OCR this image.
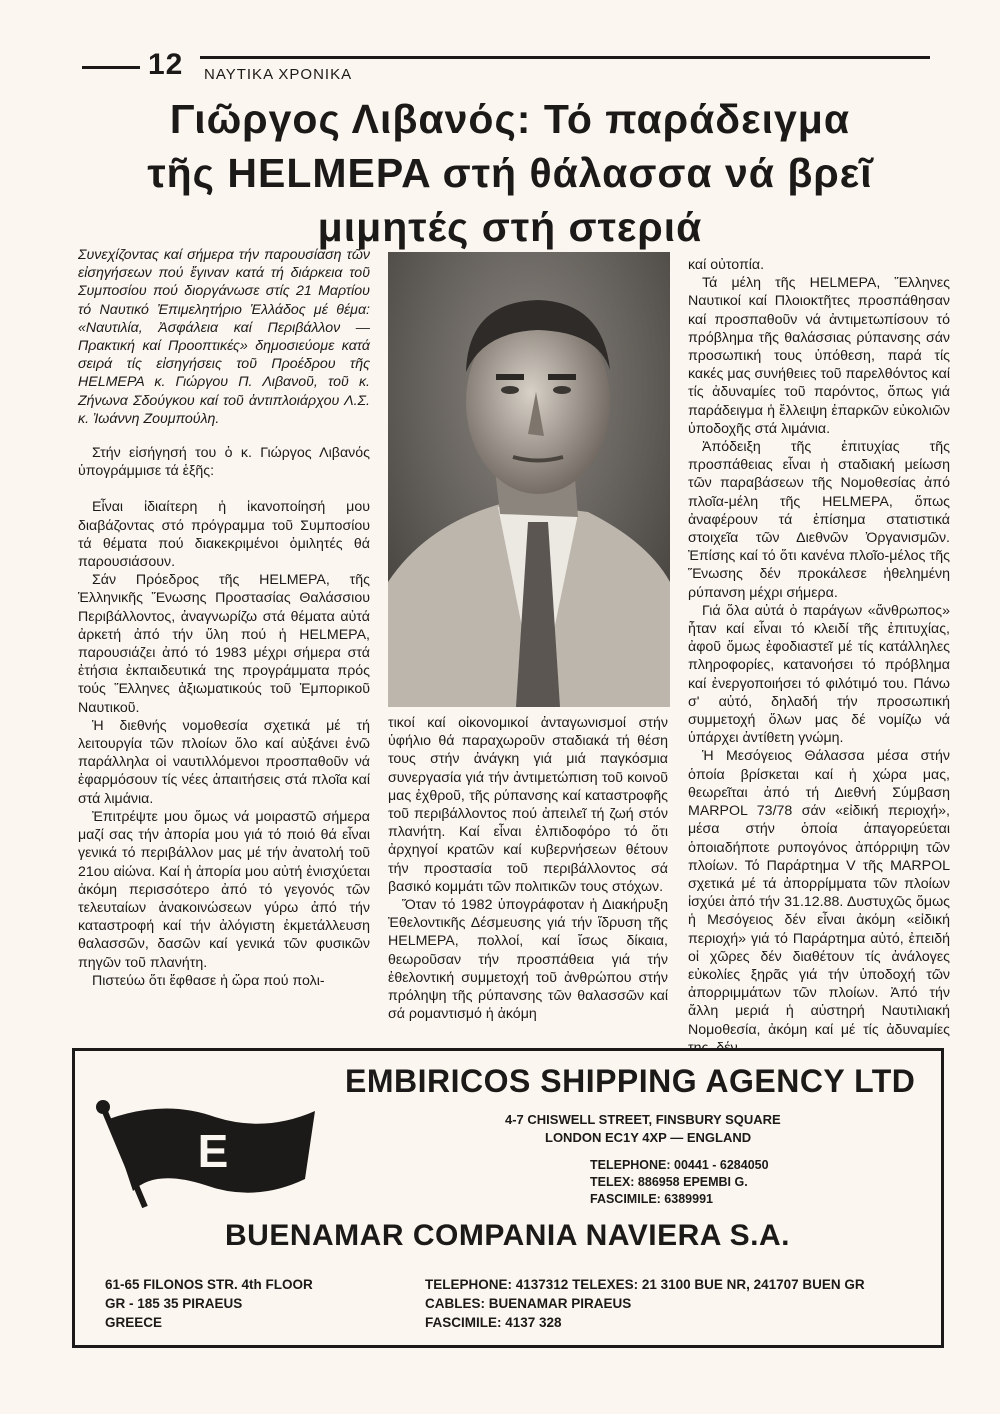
12 ΝΑΥΤΙΚΑ ΧΡΟΝΙΚΑ
Γιῶργος Λιβανός: Τό παράδειγμα
τῆς HELMEPA στή θάλασσα νά βρεῖ
μιμητές στή στεριά

Συνεχίζοντας καί σήμερα τήν παρουσίαση τῶν εἰσηγήσεων πού ἔγιναν κατά τή διάρκεια τοῦ Συμποσίου πού διοργάνωσε στίς 21 Μαρτίου τό Ναυτικό Ἐπιμελητήριο Ἑλλάδος μέ θέμα: «Ναυτιλία, Ἀσφάλεια καί Περιβάλλον — Πρακτική καί Προοπτικές» δημοσιεύομε κατά σειρά τίς εἰσηγήσεις τοῦ Προέδρου τῆς HELMEPA κ. Γιώργου Π. Λιβανοῦ, τοῦ κ. Ζήνωνα Σδούγκου καί τοῦ ἀντιπλοιάρχου Λ.Σ. κ. Ἰωάννη Ζουμπούλη.

Στήν εἰσήγησή του ὁ κ. Γιώργος Λιβανός ὑπογράμμισε τά ἑξῆς:

Εἶναι ἰδιαίτερη ἡ ἱκανοποίησή μου διαβάζοντας στό πρόγραμμα τοῦ Συμποσίου τά θέματα πού διακεκριμένοι ὁμιλητές θά παρουσιάσουν.

Σάν Πρόεδρος τῆς HELMEPA, τῆς Ἑλληνικῆς Ἕνωσης Προστασίας Θαλάσσιου Περιβάλλοντος, ἀναγνωρίζω στά θέματα αὐτά ἀρκετή ἀπό τήν ὕλη πού ἡ HELMEPA, παρουσιάζει ἀπό τό 1983 μέχρι σήμερα στά ἐτήσια ἐκπαιδευτικά της προγράμματα πρός τούς Ἕλληνες ἀξιωματικούς τοῦ Ἐμπορικοῦ Ναυτικοῦ.

Ἡ διεθνής νομοθεσία σχετικά μέ τή λειτουργία τῶν πλοίων ὅλο καί αὐξάνει ἐνῶ παράλληλα οἱ ναυτιλλόμενοι προσπαθοῦν νά ἐφαρμόσουν τίς νέες ἀπαιτήσεις στά πλοῖα καί στά λιμάνια.

Ἐπιτρέψτε μου ὅμως νά μοιραστῶ σήμερα μαζί σας τήν ἀπορία μου γιά τό ποιό θά εἶναι γενικά τό περιβάλλον μας μέ τήν ἀνατολή τοῦ 21ου αἰώνα. Καί ἡ ἀπορία μου αὐτή ἐνισχύεται ἀκόμη περισσότερο ἀπό τό γεγονός τῶν τελευταίων ἀνακοινώσεων γύρω ἀπό τήν καταστροφή καί τήν ἀλόγιστη ἐκμετάλλευση θαλασσῶν, δασῶν καί γενικά τῶν φυσικῶν πηγῶν τοῦ πλανήτη.

Πιστεύω ὅτι ἔφθασε ἡ ὥρα πού πολι-

τικοί καί οἰκονομικοί ἀνταγωνισμοί στήν ὑφήλιο θά παραχωροῦν σταδιακά τή θέση τους στήν ἀνάγκη γιά μιά παγκόσμια συνεργασία γιά τήν ἀντιμετώπιση τοῦ κοινοῦ μας ἐχθροῦ, τῆς ρύπανσης καί καταστροφῆς τοῦ περιβάλλοντος πού ἀπειλεῖ τή ζωή στόν πλανήτη. Καί εἶναι ἐλπιδοφόρο τό ὅτι ἀρχηγοί κρατῶν καί κυβερνήσεων θέτουν τήν προστασία τοῦ περιβάλλοντος σά βασικό κομμάτι τῶν πολιτικῶν τους στόχων.

Ὅταν τό 1982 ὑπογράφοταν ἡ Διακήρυξη Ἐθελοντικῆς Δέσμευσης γιά τήν ἵδρυση τῆς HELMEPA, πολλοί, καί ἴσως δίκαια, θεωροῦσαν τήν προσπάθεια γιά τήν ἐθελοντική συμμετοχή τοῦ ἀνθρώπου στήν πρόληψη τῆς ρύπανσης τῶν θαλασσῶν καί σά ρομαντισμό ἡ ἀκόμη

καί οὐτοπία.

Τά μέλη τῆς HELMEPA, Ἕλληνες Ναυτικοί καί Πλοιοκτῆτες προσπάθησαν καί προσπαθοῦν νά ἀντιμετωπίσουν τό πρόβλημα τῆς θαλάσσιας ρύπανσης σάν προσωπική τους ὑπόθεση, παρά τίς κακές μας συνήθειες τοῦ παρελθόντος καί τίς ἀδυναμίες τοῦ παρόντος, ὅπως γιά παράδειγμα ἡ ἔλλειψη ἐπαρκῶν εὐκολιῶν ὑποδοχῆς στά λιμάνια.

Ἀπόδειξη τῆς ἐπιτυχίας τῆς προσπάθειας εἶναι ἡ σταδιακή μείωση τῶν παραβάσεων τῆς Νομοθεσίας ἀπό πλοῖα-μέλη τῆς HELMEPA, ὅπως ἀναφέρουν τά ἐπίσημα στατιστικά στοιχεῖα τῶν Διεθνῶν Ὀργανισμῶν. Ἐπίσης καί τό ὅτι κανένα πλοῖο-μέλος τῆς Ἕνωσης δέν προκάλεσε ἠθελημένη ρύπανση μέχρι σήμερα.

Γιά ὅλα αὐτά ὁ παράγων «ἄνθρωπος» ἦταν καί εἶναι τό κλειδί τῆς ἐπιτυχίας, ἀφοῦ ὅμως ἐφοδιαστεῖ μέ τίς κατάλληλες πληροφορίες, κατανοήσει τό πρόβλημα καί ἐνεργοποιήσει τό φιλότιμό του. Πάνω σ' αὐτό, δηλαδή τήν προσωπική συμμετοχή ὅλων μας δέ νομίζω νά ὑπάρχει ἀντίθετη γνώμη.

Ἡ Μεσόγειος Θάλασσα μέσα στήν ὁποία βρίσκεται καί ἡ χώρα μας, θεωρεῖται ἀπό τή Διεθνή Σύμβαση MARPOL 73/78 σάν «εἰδική περιοχή», μέσα στήν ὁποία ἀπαγορεύεται ὁποιαδήποτε ρυπογόνος ἀπόρριψη τῶν πλοίων. Τό Παράρτημα V τῆς MARPOL σχετικά μέ τά ἀπορρίμματα τῶν πλοίων ἰσχύει ἀπό τήν 31.12.88. Δυστυχῶς ὅμως ἡ Μεσόγειος δέν εἶναι ἀκόμη «εἰδική περιοχή» γιά τό Παράρτημα αὐτό, ἐπειδή οἱ χῶρες δέν διαθέτουν τίς ἀνάλογες εὐκολίες ξηρᾶς γιά τήν ὑποδοχή τῶν ἀπορριμμάτων τῶν πλοίων. Ἀπό τήν ἄλλη μεριά ἡ αὐστηρή Ναυτιλιακή Νομοθεσία, ἀκόμη καί μέ τίς ἀδυναμίες

E
EMBIRICOS SHIPPING AGENCY LTD
4-7 CHISWELL STREET, FINSBURY SQUARE
LONDON EC1Y 4XP — ENGLAND
TELEPHONE: 00441 - 6284050
TELEX: 886958 EPEMBI G.
FASCIMILE: 6389991
BUENAMAR COMPANIA NAVIERA S.A.
61-65 FILONOS STR. 4th FLOOR
GR - 185 35 PIRAEUS
GREECE
TELEPHONE: 4137312 TELEXES: 21 3100 BUE NR, 241707 BUEN GR
CABLES: BUENAMAR PIRAEUS
FASCIMILE: 4137 328
